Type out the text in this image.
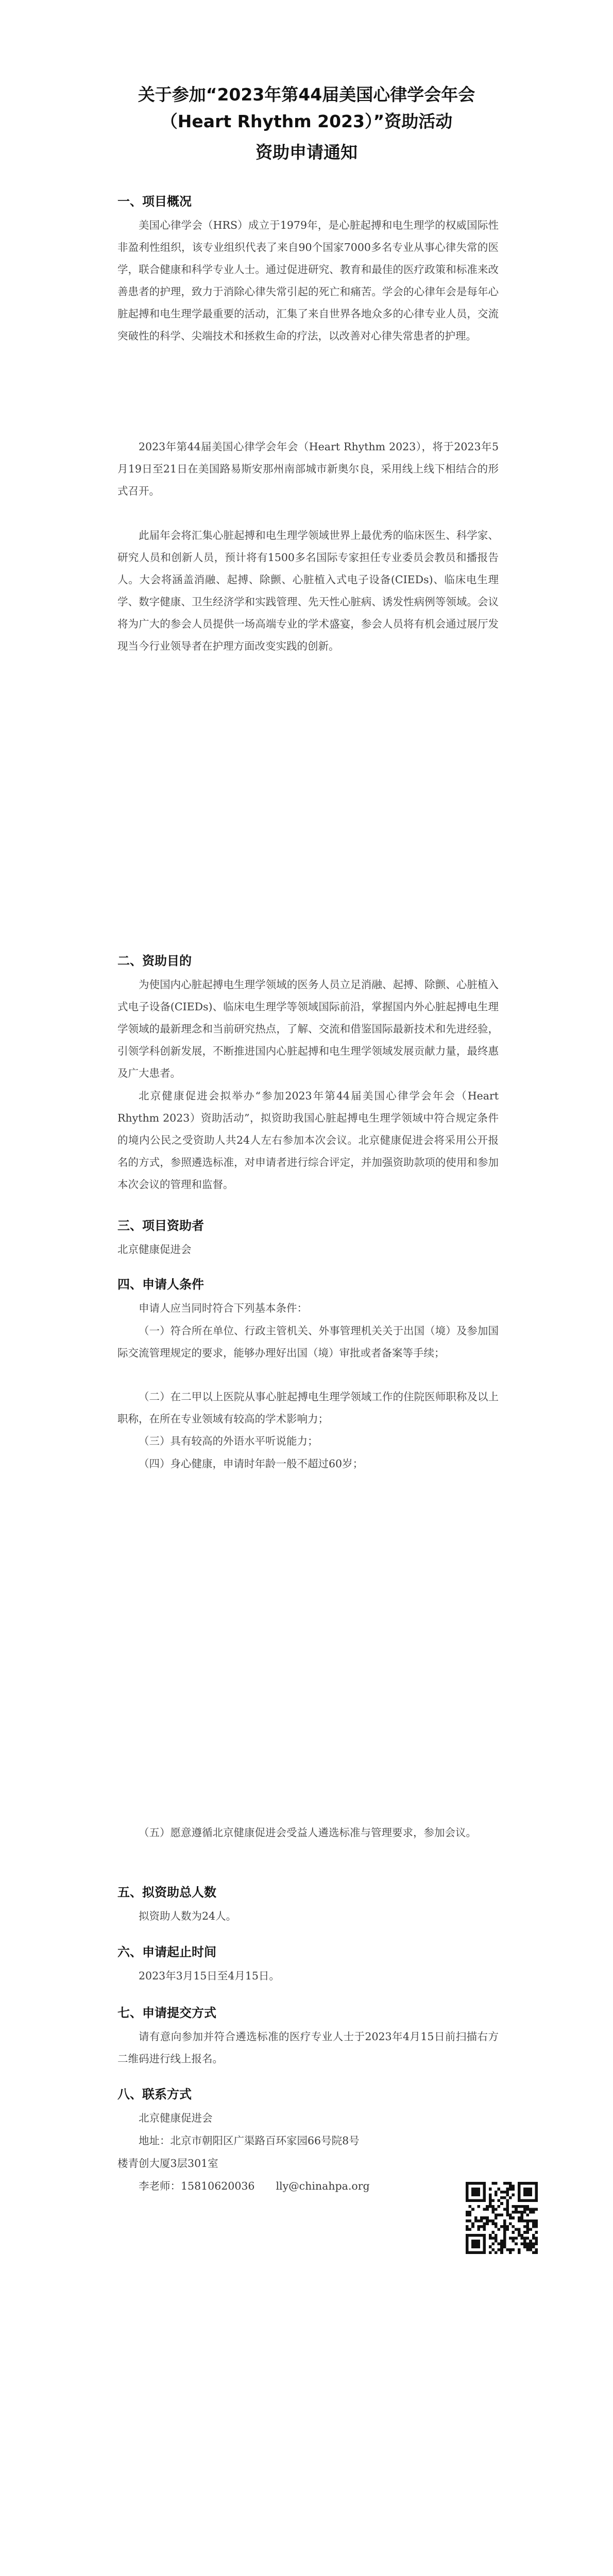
关于参加“2023年第44届美国心律学会年会
（Heart Rhythm 2023）”资助活动
资助申请通知
一、项目概况

美国心律学会（HRS）成立于1979年，是心脏起搏和电生理学的权威国际性非盈利性组织，该专业组织代表了来自90个国家7000多名专业从事心律失常的医学，联合健康和科学专业人士。通过促进研究、教育和最佳的医疗政策和标准来改善患者的护理，致力于消除心律失常引起的死亡和痛苦。学会的心律年会是每年心脏起搏和电生理学最重要的活动，汇集了来自世界各地众多的心律专业人员，交流突破性的科学、尖端技术和拯救生命的疗法，以改善对心律失常患者的护理。

2023年第44届美国心律学会年会（Heart Rhythm 2023），将于2023年5月19日至21日在美国路易斯安那州南部城市新奥尔良，采用线上线下相结合的形式召开。

此届年会将汇集心脏起搏和电生理学领域世界上最优秀的临床医生、科学家、研究人员和创新人员，预计将有1500多名国际专家担任专业委员会教员和播报告人。大会将涵盖消融、起搏、除颤、心脏植入式电子设备(CIEDs)、临床电生理学、数字健康、卫生经济学和实践管理、先天性心脏病、诱发性病例等领域。会议将为广大的参会人员提供一场高端专业的学术盛宴，参会人员将有机会通过展厅发现当今行业领导者在护理方面改变实践的创新。

二、资助目的

为使国内心脏起搏电生理学领域的医务人员立足消融、起搏、除颤、心脏植入式电子设备(CIEDs)、临床电生理学等领域国际前沿，掌握国内外心脏起搏电生理学领域的最新理念和当前研究热点，了解、交流和借鉴国际最新技术和先进经验，引领学科创新发展，不断推进国内心脏起搏和电生理学领域发展贡献力量，最终惠及广大患者。

北京健康促进会拟举办“参加2023年第44届美国心律学会年会（Heart Rhythm 2023）资助活动”，拟资助我国心脏起搏电生理学领域中符合规定条件的境内公民之受资助人共24人左右参加本次会议。北京健康促进会将采用公开报名的方式，参照遴选标准，对申请者进行综合评定，并加强资助款项的使用和参加本次会议的管理和监督。

三、项目资助者
北京健康促进会
四、申请人条件

申请人应当同时符合下列基本条件：

（一）符合所在单位、行政主管机关、外事管理机关关于出国（境）及参加国际交流管理规定的要求，能够办理好出国（境）审批或者备案等手续；

（二）在二甲以上医院从事心脏起搏电生理学领域工作的住院医师职称及以上职称，在所在专业领域有较高的学术影响力；

（三）具有较高的外语水平听说能力；

（四）身心健康，申请时年龄一般不超过60岁；

（五）愿意遵循北京健康促进会受益人遴选标准与管理要求，参加会议。

五、拟资助总人数

拟资助人数为24人。

六、申请起止时间

2023年3月15日至4月15日。

七、申请提交方式

请有意向参加并符合遴选标准的医疗专业人士于2023年4月15日前扫描右方二维码进行线上报名。

八、联系方式

北京健康促进会

地址：北京市朝阳区广渠路百环家园66号院8号

楼青创大厦3层301室

李老师：15810620036　　lly@chinahpa.org
